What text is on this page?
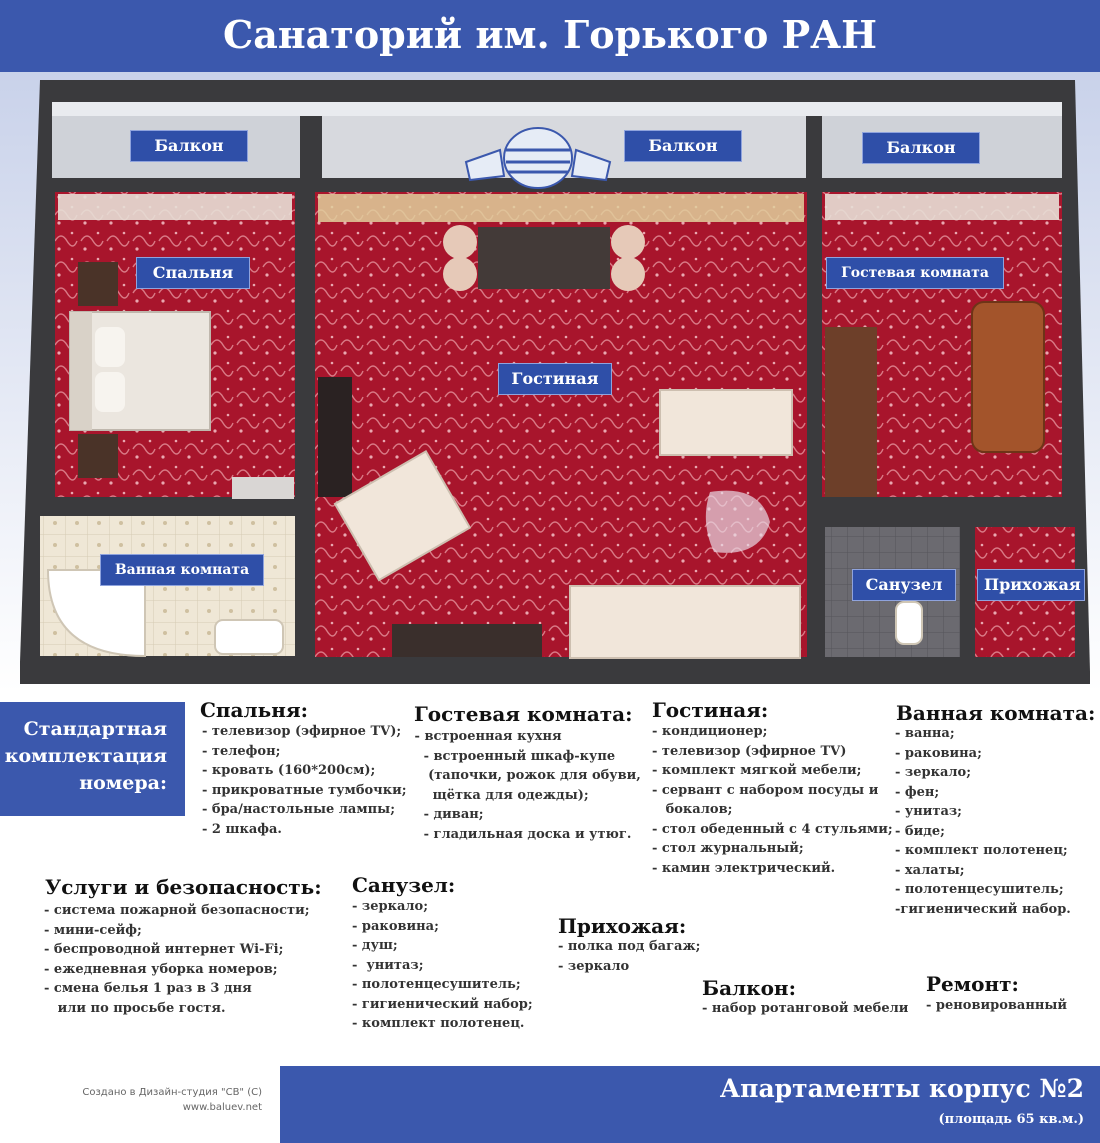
Санаторий им. Горького РАН
Балкон	Балкон	Балкон
Спальня	Гостевая комната
Гостиная
Ванная комната
Санузел	Прихожая
Стандартная
комплектация
номера:
Спальня:
- телевизор (эфирное TV);
- телефон;
- кровать (160*200см);
- прикроватные тумбочки;
- бра/настольные лампы;
- 2 шкафа.
Гостевая комната:
- встроенная кухня
- встроенный шкаф-купе
(тапочки, рожок для обуви,
щётка для одежды);
- диван;
- гладильная доска и утюг.
Гостиная:
- кондиционер;
- телевизор (эфирное TV)
- комплект мягкой мебели;
- сервант с набором посуды и
бокалов;
- стол обеденный с 4 стульями;
- стол журнальный;
- камин электрический.
Ванная комната:
- ванна;
- раковина;
- зеркало;
- фен;
- унитаз;
- биде;
- комплект полотенец;
- халаты;
- полотенцесушитель;
-гигиенический набор.
Услуги и безопасность:
- система пожарной безопасности;
- мини-сейф;
- беспроводной интернет Wi-Fi;
- ежедневная уборка номеров;
- смена белья 1 раз в 3 дня
или по просьбе гостя.
Санузел:
- зеркало;
- раковина;
- душ;
-  унитаз;
- полотенцесушитель;
- гигиенический набор;
- комплект полотенец.
Прихожая:
- полка под багаж;
- зеркало
Балкон:
- набор ротанговой мебели
Ремонт:
- реновированный
Создано в Дизайн-студия "СВ" (С)
www.baluev.net
Апартаменты корпус №2
(площадь 65 кв.м.)
